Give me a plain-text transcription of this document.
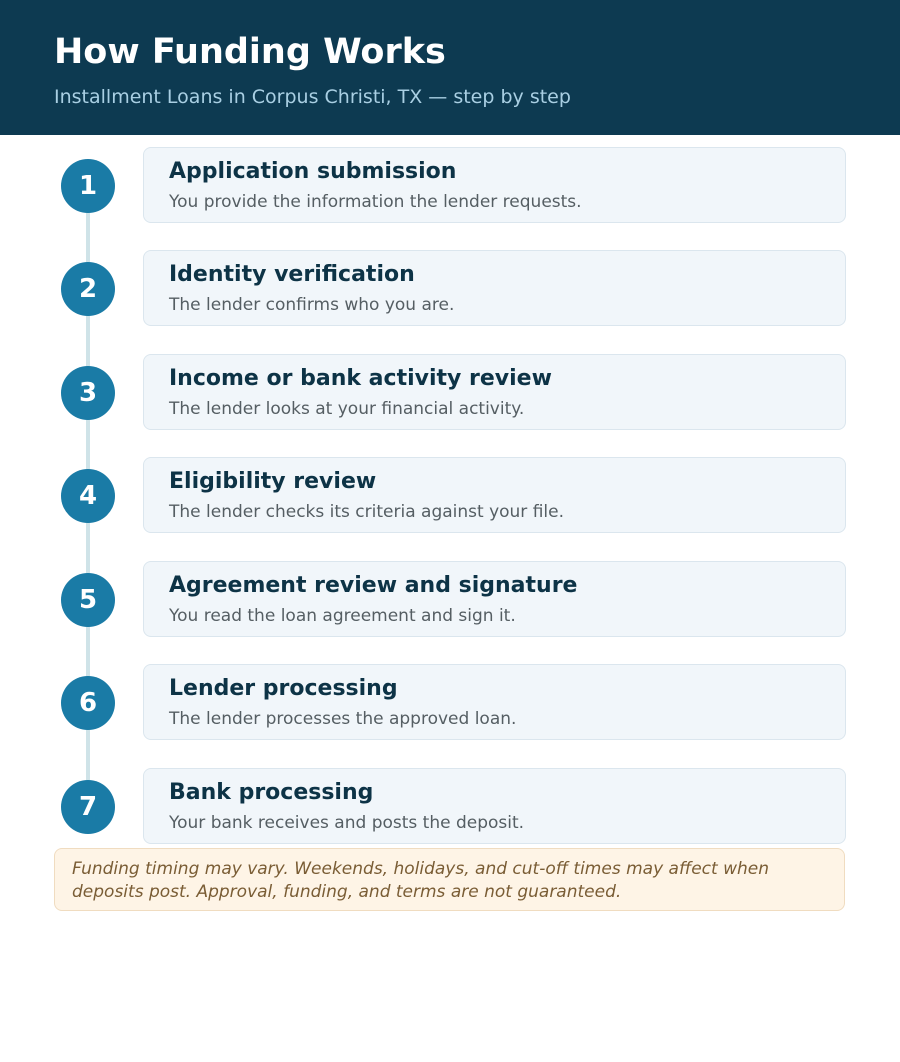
How Funding Works

Installment Loans in Corpus Christi, TX — step by step

1	Application submission
You provide the information the lender requests.
2	Identity verification
The lender confirms who you are.
3	Income or bank activity review
The lender looks at your financial activity.
4	Eligibility review
The lender checks its criteria against your file.
5	Agreement review and signature
You read the loan agreement and sign it.
6	Lender processing
The lender processes the approved loan.
7	Bank processing
Your bank receives and posts the deposit.
Funding timing may vary. Weekends, holidays, and cut-off times may affect when deposits post. Approval, funding, and terms are not guaranteed.
